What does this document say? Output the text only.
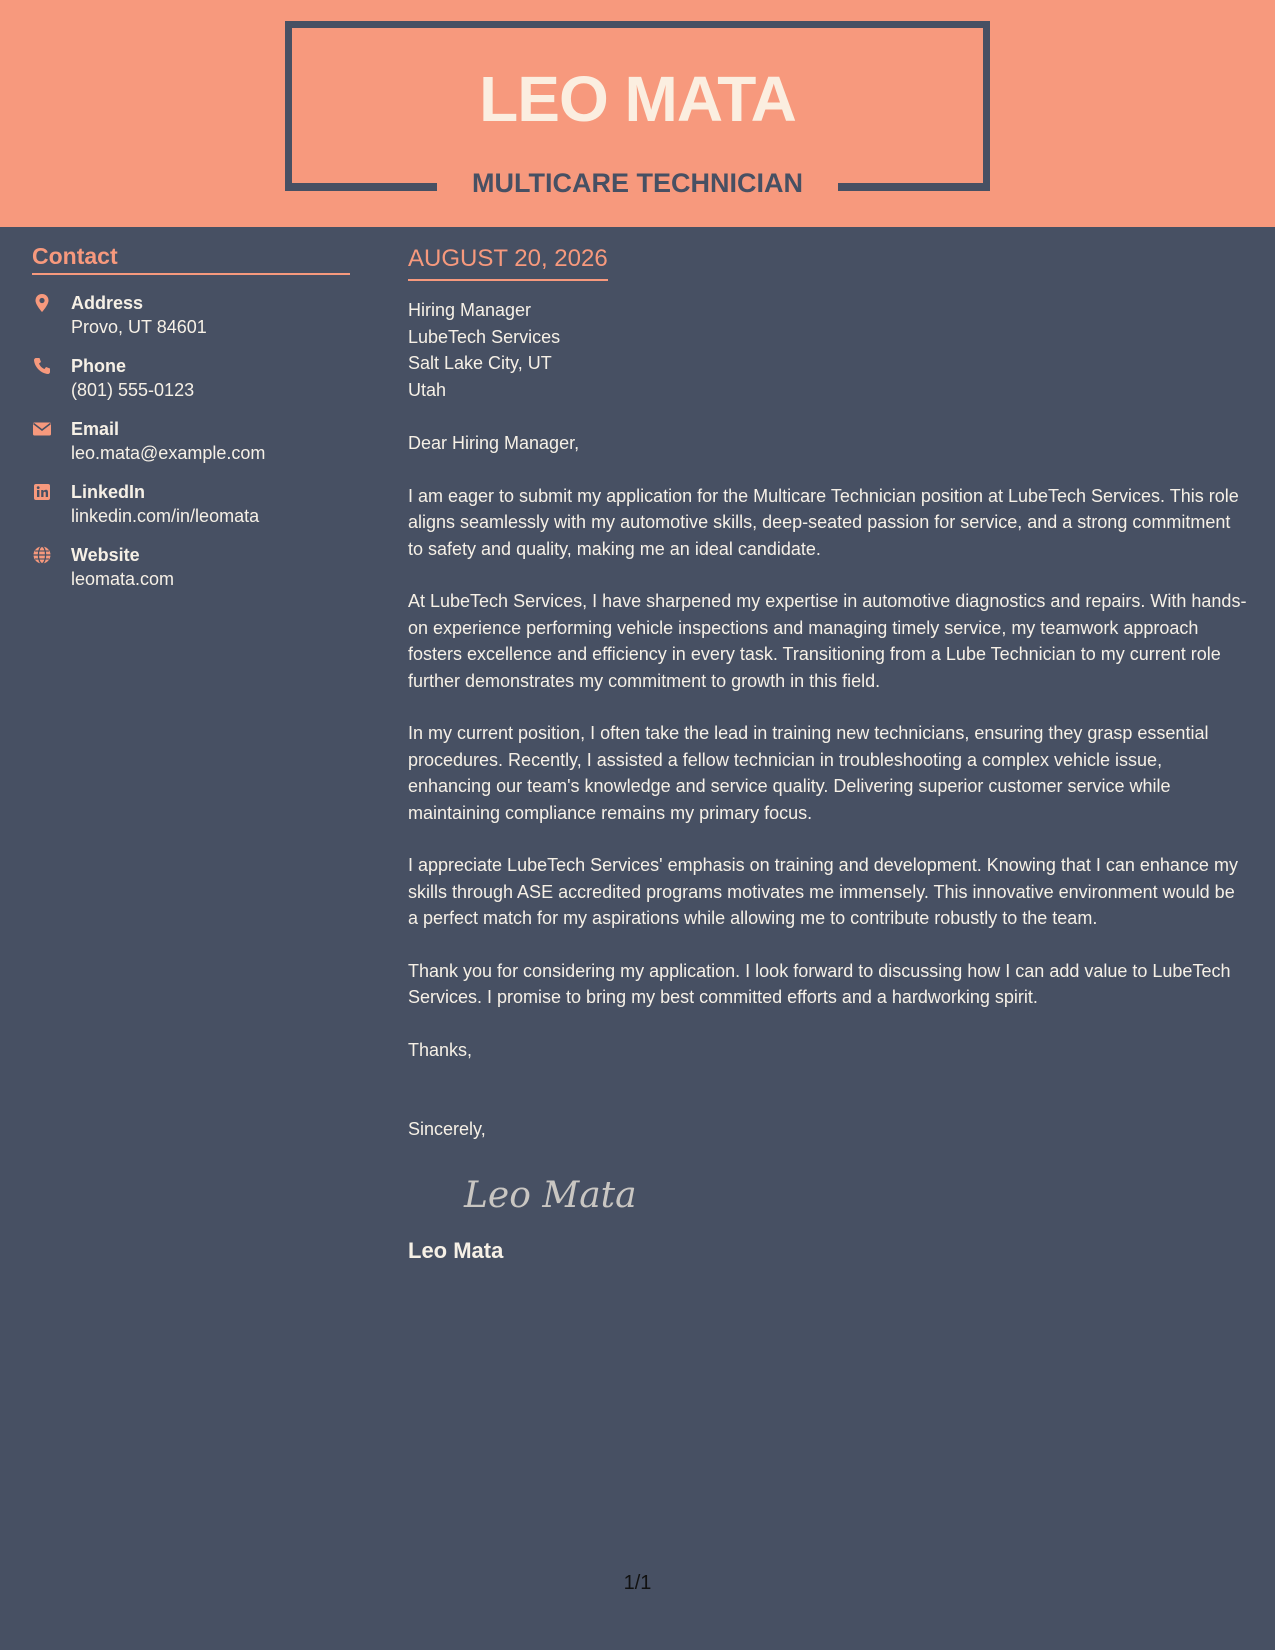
LEO MATA
MULTICARE TECHNICIAN
Contact
Address
Provo, UT 84601
Phone
(801) 555-0123
Email
leo.mata@example.com
LinkedIn
linkedin.com/in/leomata
Website
leomata.com
AUGUST 20, 2026
Hiring Manager
LubeTech Services
Salt Lake City, UT
Utah

Dear Hiring Manager,

I am eager to submit my application for the Multicare Technician position at LubeTech Services. This role aligns seamlessly with my automotive skills, deep-seated passion for service, and a strong commitment to safety and quality, making me an ideal candidate.

At LubeTech Services, I have sharpened my expertise in automotive diagnostics and repairs. With hands-on experience performing vehicle inspections and managing timely service, my teamwork approach fosters excellence and efficiency in every task. Transitioning from a Lube Technician to my current role further demonstrates my commitment to growth in this field.

In my current position, I often take the lead in training new technicians, ensuring they grasp essential procedures. Recently, I assisted a fellow technician in troubleshooting a complex vehicle issue, enhancing our team's knowledge and service quality. Delivering superior customer service while maintaining compliance remains my primary focus.

I appreciate LubeTech Services' emphasis on training and development. Knowing that I can enhance my skills through ASE accredited programs motivates me immensely. This innovative environment would be a perfect match for my aspirations while allowing me to contribute robustly to the team.

Thank you for considering my application. I look forward to discussing how I can add value to LubeTech Services. I promise to bring my best committed efforts and a hardworking spirit.

Thanks,

Sincerely,

Leo Mata
Leo Mata
1/1
